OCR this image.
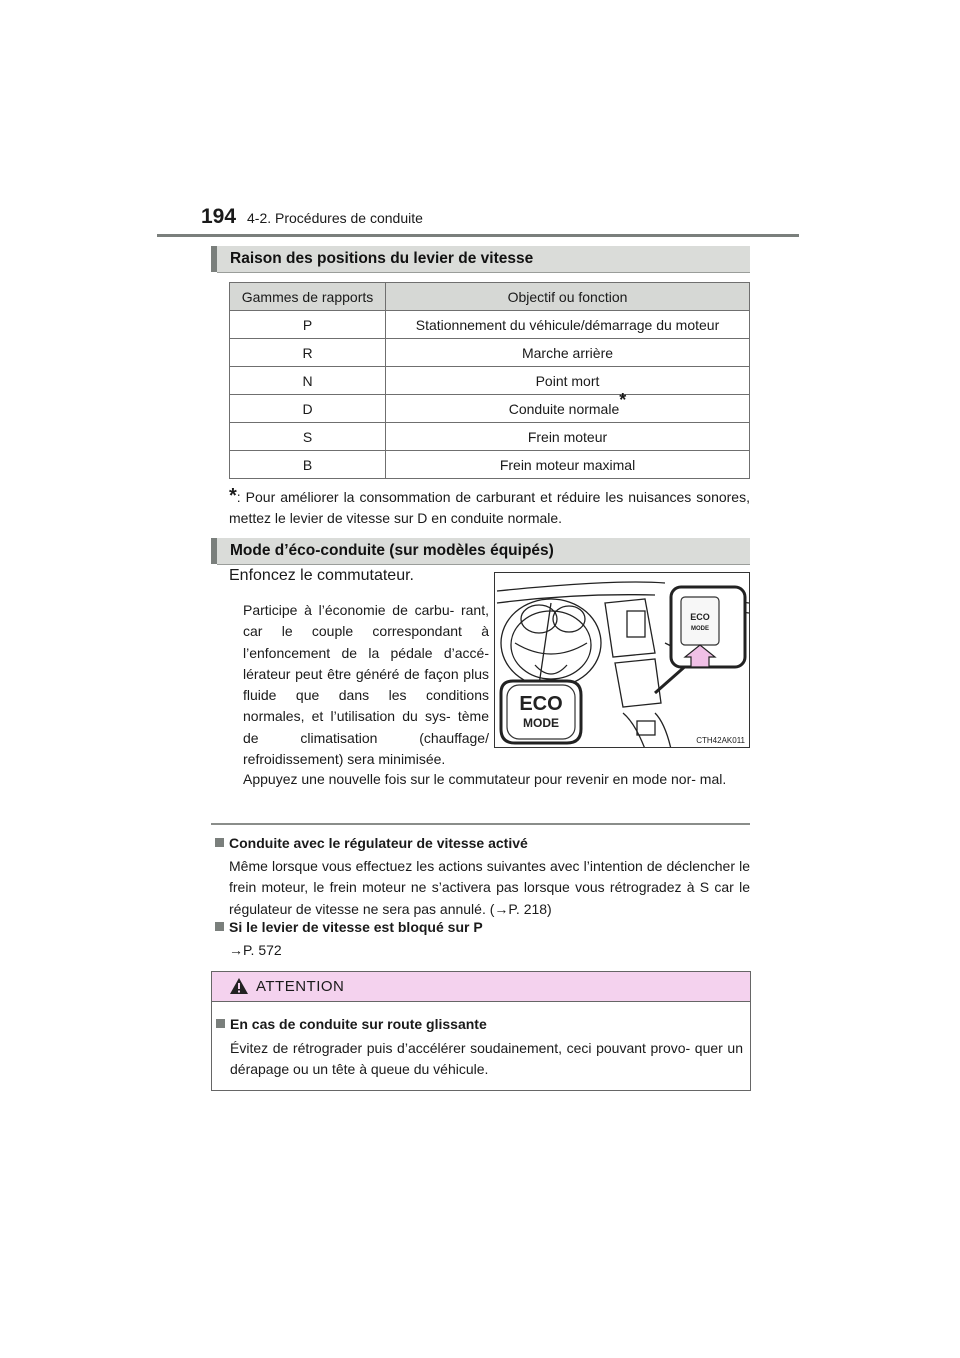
194 4-2. Procédures de conduite
Raison des positions du levier de vitesse
Gammes de rapports	Objectif ou fonction
P	Stationnement du véhicule/démarrage du moteur
R	Marche arrière
N	Point mort
D	Conduite normale*
S	Frein moteur
B	Frein moteur maximal
*: Pour améliorer la consommation de carburant et réduire les nuisances sonores, mettez le levier de vitesse sur D en conduite normale.
Mode d’éco-conduite (sur modèles équipés)
Enfoncez le commutateur.
Participe à l’économie de carbu- rant, car le couple correspondant à l’enfoncement de la pédale d’accé- lérateur peut être généré de façon plus fluide que dans les conditions normales, et l’utilisation du sys- tème de climatisation (chauffage/ refroidissement) sera minimisée.
ECO
MODE
ECO
MODE
CTH42AK011
Appuyez une nouvelle fois sur le commutateur pour revenir en mode nor- mal.
Conduite avec le régulateur de vitesse activé
Même lorsque vous effectuez les actions suivantes avec l’intention de déclencher le frein moteur, le frein moteur ne s’activera pas lorsque vous rétrogradez à S car le régulateur de vitesse ne sera pas annulé. (→P. 218)
Si le levier de vitesse est bloqué sur P
→P. 572
ATTENTION
En cas de conduite sur route glissante
Évitez de rétrograder puis d’accélérer soudainement, ceci pouvant provo- quer un dérapage ou un tête à queue du véhicule.
